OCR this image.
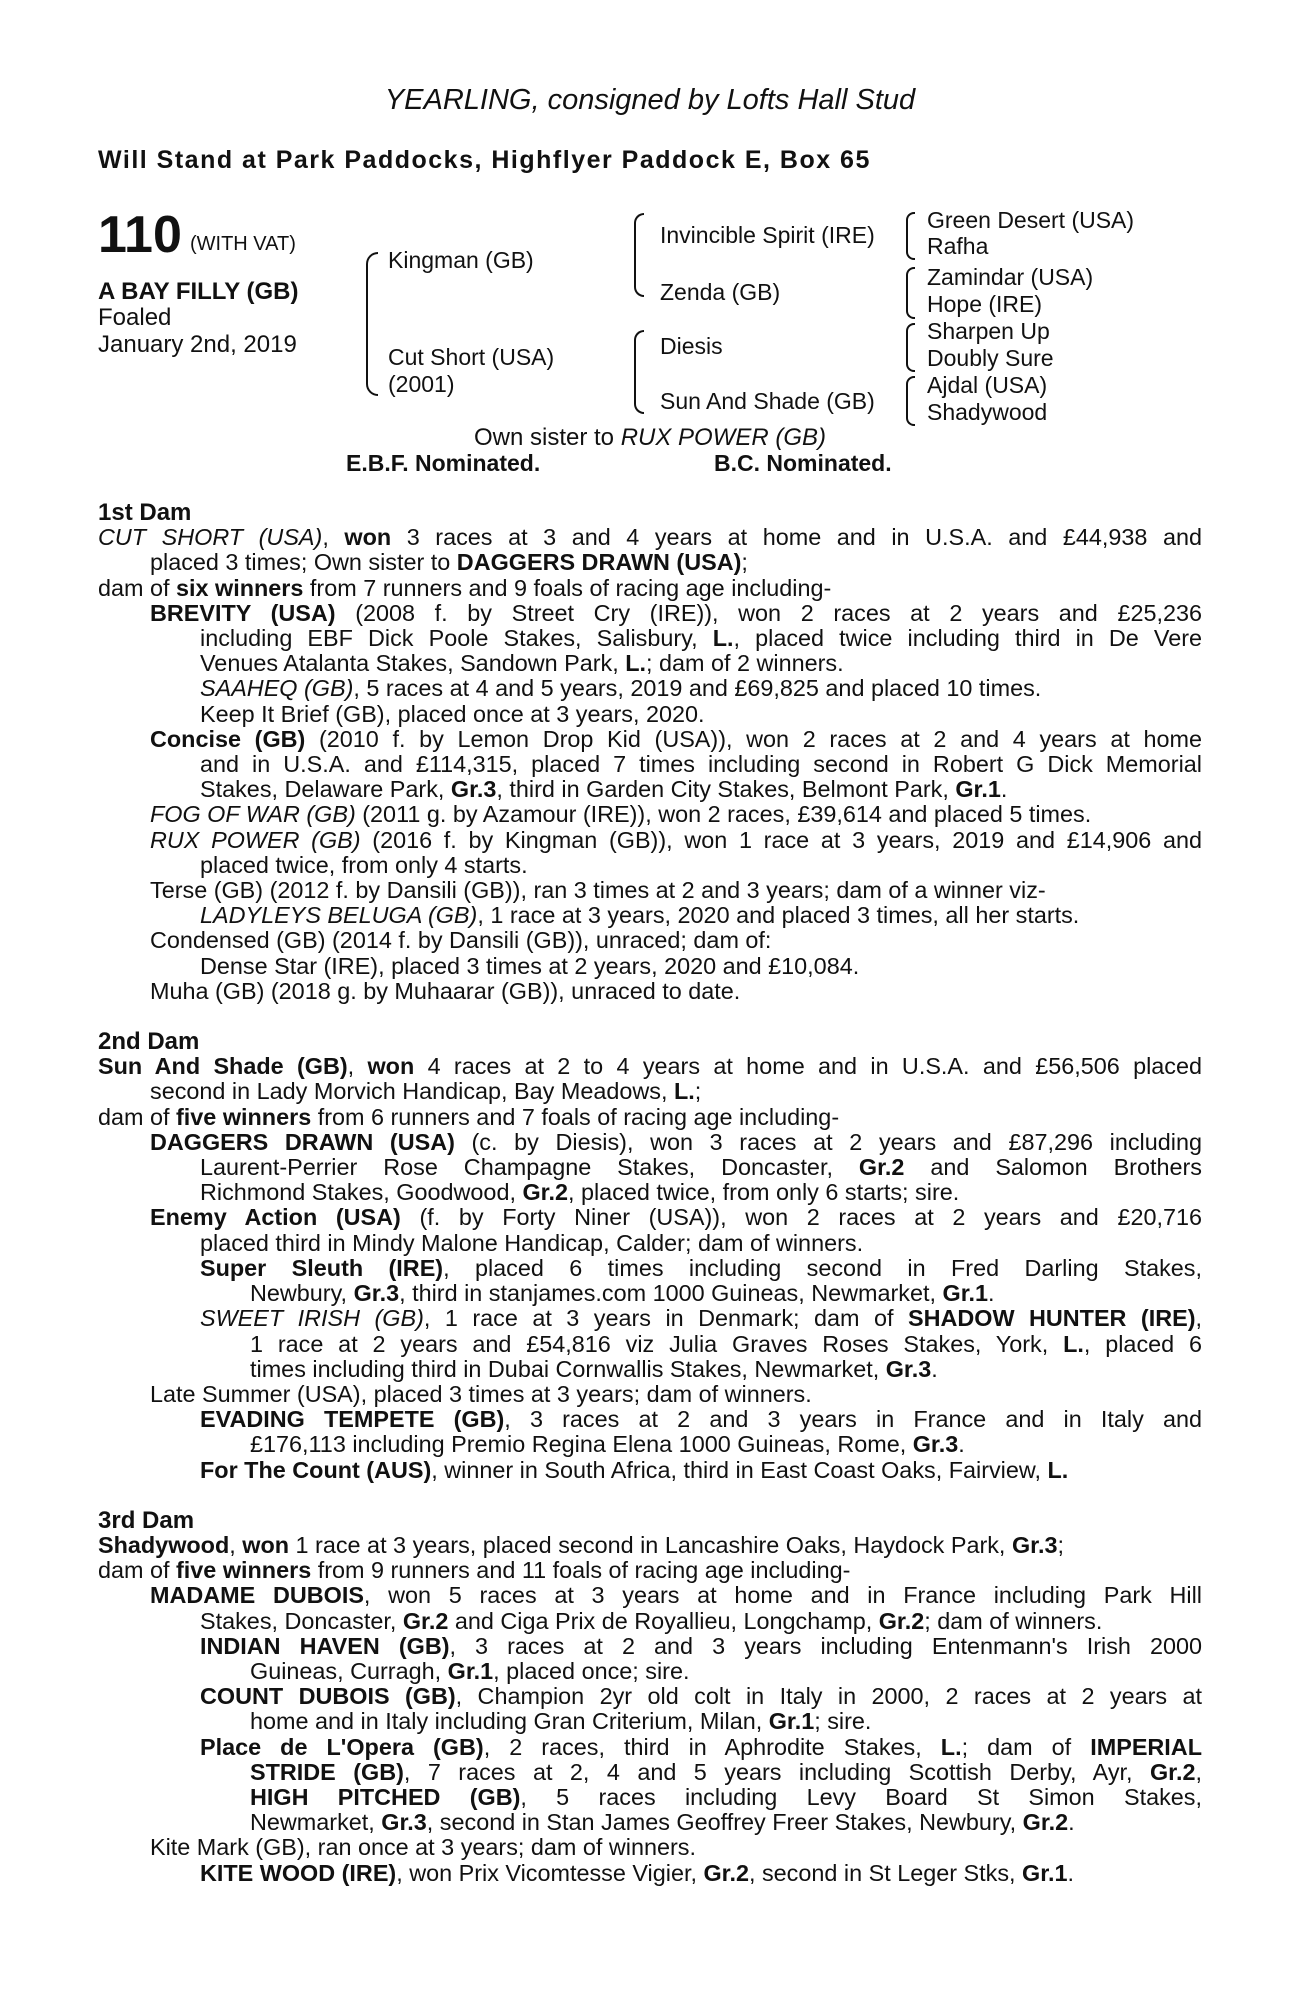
YEARLING, consigned by Lofts Hall Stud
Will Stand at Park Paddocks, Highflyer Paddock E, Box 65
110 (WITH VAT)
A BAY FILLY (GB)
Foaled
January 2nd, 2019
Kingman (GB)
Cut Short (USA)
(2001)
Invincible Spirit (IRE)
Zenda (GB)
Diesis
Sun And Shade (GB)
Green Desert (USA)
Rafha
Zamindar (USA)
Hope (IRE)
Sharpen Up
Doubly Sure
Ajdal (USA)
Shadywood
Own sister to RUX POWER (GB)
E.B.F. Nominated.	B.C. Nominated.
1st Dam
CUT SHORT (USA), won 3 races at 3 and 4 years at home and in U.S.A. and £44,938 and
placed 3 times; Own sister to DAGGERS DRAWN (USA);
dam of six winners from 7 runners and 9 foals of racing age including-
BREVITY (USA) (2008 f. by Street Cry (IRE)), won 2 races at 2 years and £25,236
including EBF Dick Poole Stakes, Salisbury, L., placed twice including third in De Vere
Venues Atalanta Stakes, Sandown Park, L.; dam of 2 winners.
SAAHEQ (GB), 5 races at 4 and 5 years, 2019 and £69,825 and placed 10 times.
Keep It Brief (GB), placed once at 3 years, 2020.
Concise (GB) (2010 f. by Lemon Drop Kid (USA)), won 2 races at 2 and 4 years at home
and in U.S.A. and £114,315, placed 7 times including second in Robert G Dick Memorial
Stakes, Delaware Park, Gr.3, third in Garden City Stakes, Belmont Park, Gr.1.
FOG OF WAR (GB) (2011 g. by Azamour (IRE)), won 2 races, £39,614 and placed 5 times.
RUX POWER (GB) (2016 f. by Kingman (GB)), won 1 race at 3 years, 2019 and £14,906 and
placed twice, from only 4 starts.
Terse (GB) (2012 f. by Dansili (GB)), ran 3 times at 2 and 3 years; dam of a winner viz-
LADYLEYS BELUGA (GB), 1 race at 3 years, 2020 and placed 3 times, all her starts.
Condensed (GB) (2014 f. by Dansili (GB)), unraced; dam of:
Dense Star (IRE), placed 3 times at 2 years, 2020 and £10,084.
Muha (GB) (2018 g. by Muhaarar (GB)), unraced to date.
2nd Dam
Sun And Shade (GB), won 4 races at 2 to 4 years at home and in U.S.A. and £56,506 placed
second in Lady Morvich Handicap, Bay Meadows, L.;
dam of five winners from 6 runners and 7 foals of racing age including-
DAGGERS DRAWN (USA) (c. by Diesis), won 3 races at 2 years and £87,296 including
Laurent-Perrier Rose Champagne Stakes, Doncaster, Gr.2 and Salomon Brothers
Richmond Stakes, Goodwood, Gr.2, placed twice, from only 6 starts; sire.
Enemy Action (USA) (f. by Forty Niner (USA)), won 2 races at 2 years and £20,716
placed third in Mindy Malone Handicap, Calder; dam of winners.
Super Sleuth (IRE), placed 6 times including second in Fred Darling Stakes,
Newbury, Gr.3, third in stanjames.com 1000 Guineas, Newmarket, Gr.1.
SWEET IRISH (GB), 1 race at 3 years in Denmark; dam of SHADOW HUNTER (IRE),
1 race at 2 years and £54,816 viz Julia Graves Roses Stakes, York, L., placed 6
times including third in Dubai Cornwallis Stakes, Newmarket, Gr.3.
Late Summer (USA), placed 3 times at 3 years; dam of winners.
EVADING TEMPETE (GB), 3 races at 2 and 3 years in France and in Italy and
£176,113 including Premio Regina Elena 1000 Guineas, Rome, Gr.3.
For The Count (AUS), winner in South Africa, third in East Coast Oaks, Fairview, L.
3rd Dam
Shadywood, won 1 race at 3 years, placed second in Lancashire Oaks, Haydock Park, Gr.3;
dam of five winners from 9 runners and 11 foals of racing age including-
MADAME DUBOIS, won 5 races at 3 years at home and in France including Park Hill
Stakes, Doncaster, Gr.2 and Ciga Prix de Royallieu, Longchamp, Gr.2; dam of winners.
INDIAN HAVEN (GB), 3 races at 2 and 3 years including Entenmann's Irish 2000
Guineas, Curragh, Gr.1, placed once; sire.
COUNT DUBOIS (GB), Champion 2yr old colt in Italy in 2000, 2 races at 2 years at
home and in Italy including Gran Criterium, Milan, Gr.1; sire.
Place de L'Opera (GB), 2 races, third in Aphrodite Stakes, L.; dam of IMPERIAL
STRIDE (GB), 7 races at 2, 4 and 5 years including Scottish Derby, Ayr, Gr.2,
HIGH PITCHED (GB), 5 races including Levy Board St Simon Stakes,
Newmarket, Gr.3, second in Stan James Geoffrey Freer Stakes, Newbury, Gr.2.
Kite Mark (GB), ran once at 3 years; dam of winners.
KITE WOOD (IRE), won Prix Vicomtesse Vigier, Gr.2, second in St Leger Stks, Gr.1.
